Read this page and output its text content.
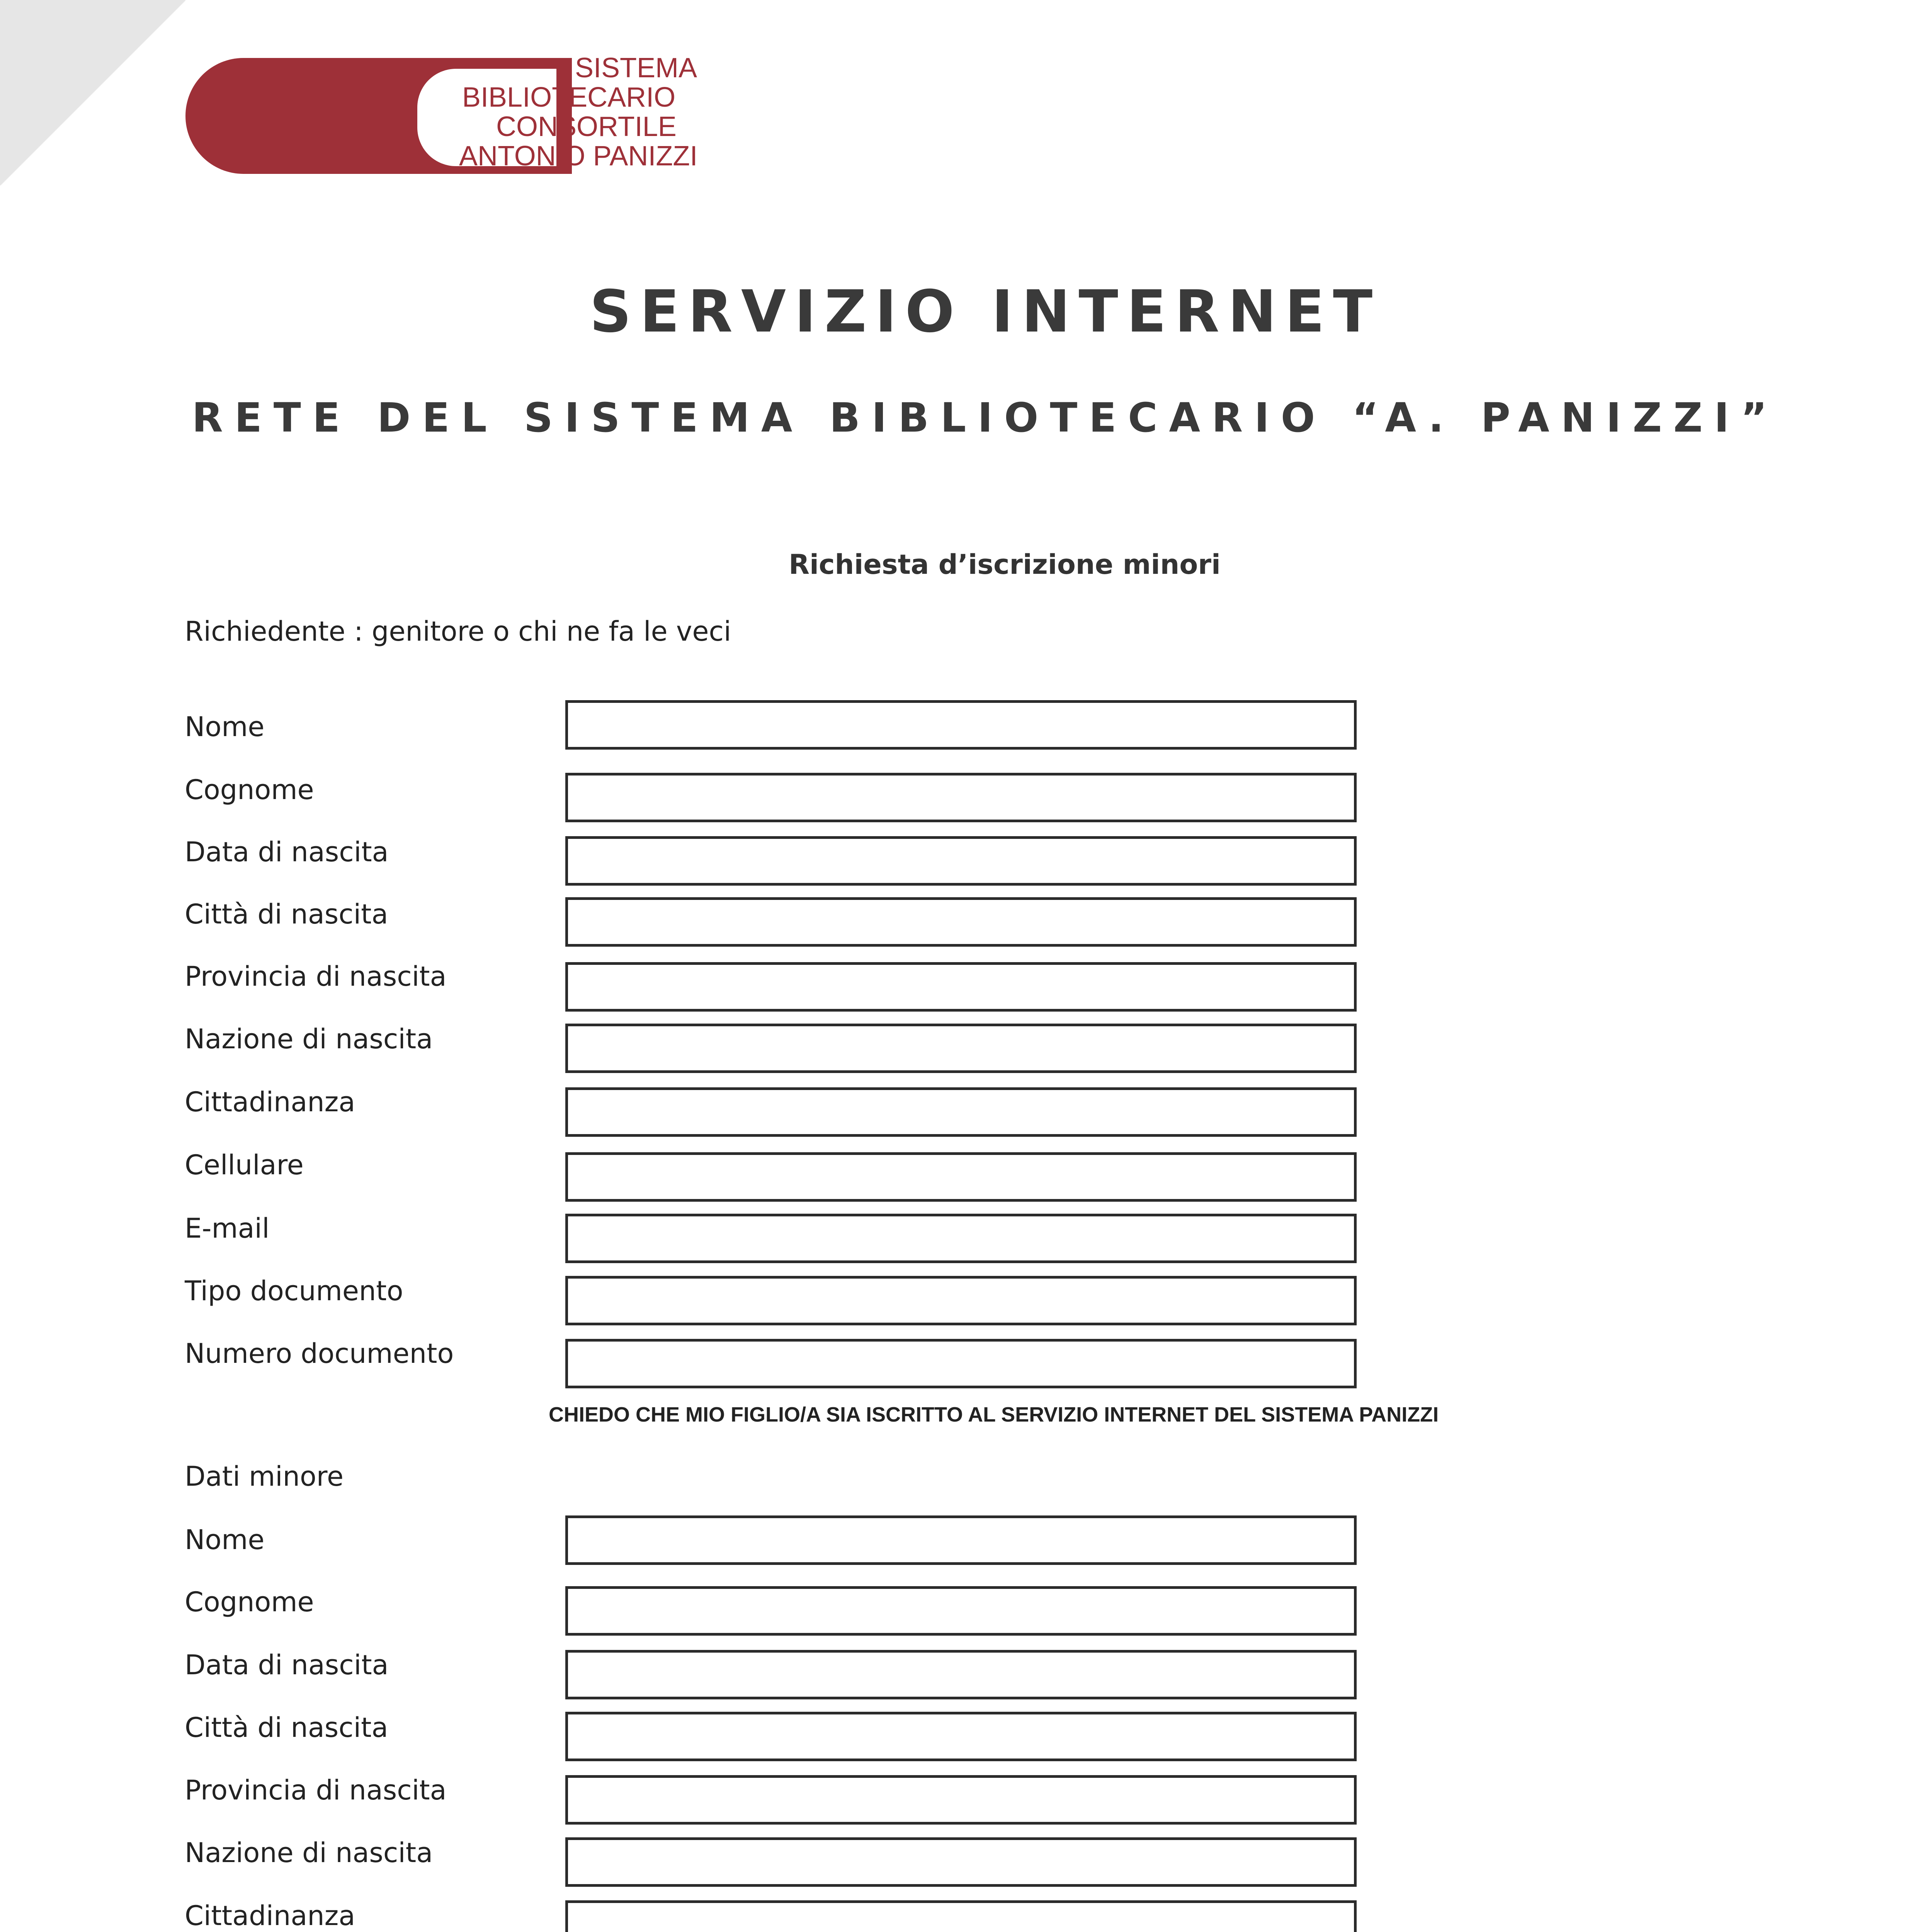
SISTEMA
BIBLIOTECARIO
CONSORTILE
ANTONIO PANIZZI
SERVIZIO INTERNET
RETE DEL SISTEMA BIBLIOTECARIO “A. PANIZZI”
Richiesta d’iscrizione minori
Richiedente : genitore o chi ne fa le veci
Nome
Cognome
Data di nascita
Città di nascita
Provincia di nascita
Nazione di nascita
Cittadinanza
Cellulare
E-mail
Tipo documento
Numero documento
CHIEDO CHE MIO FIGLIO/A SIA ISCRITTO AL SERVIZIO INTERNET DEL SISTEMA PANIZZI
Dati minore
Nome
Cognome
Data di nascita
Città di nascita
Provincia di nascita
Nazione di nascita
Cittadinanza
